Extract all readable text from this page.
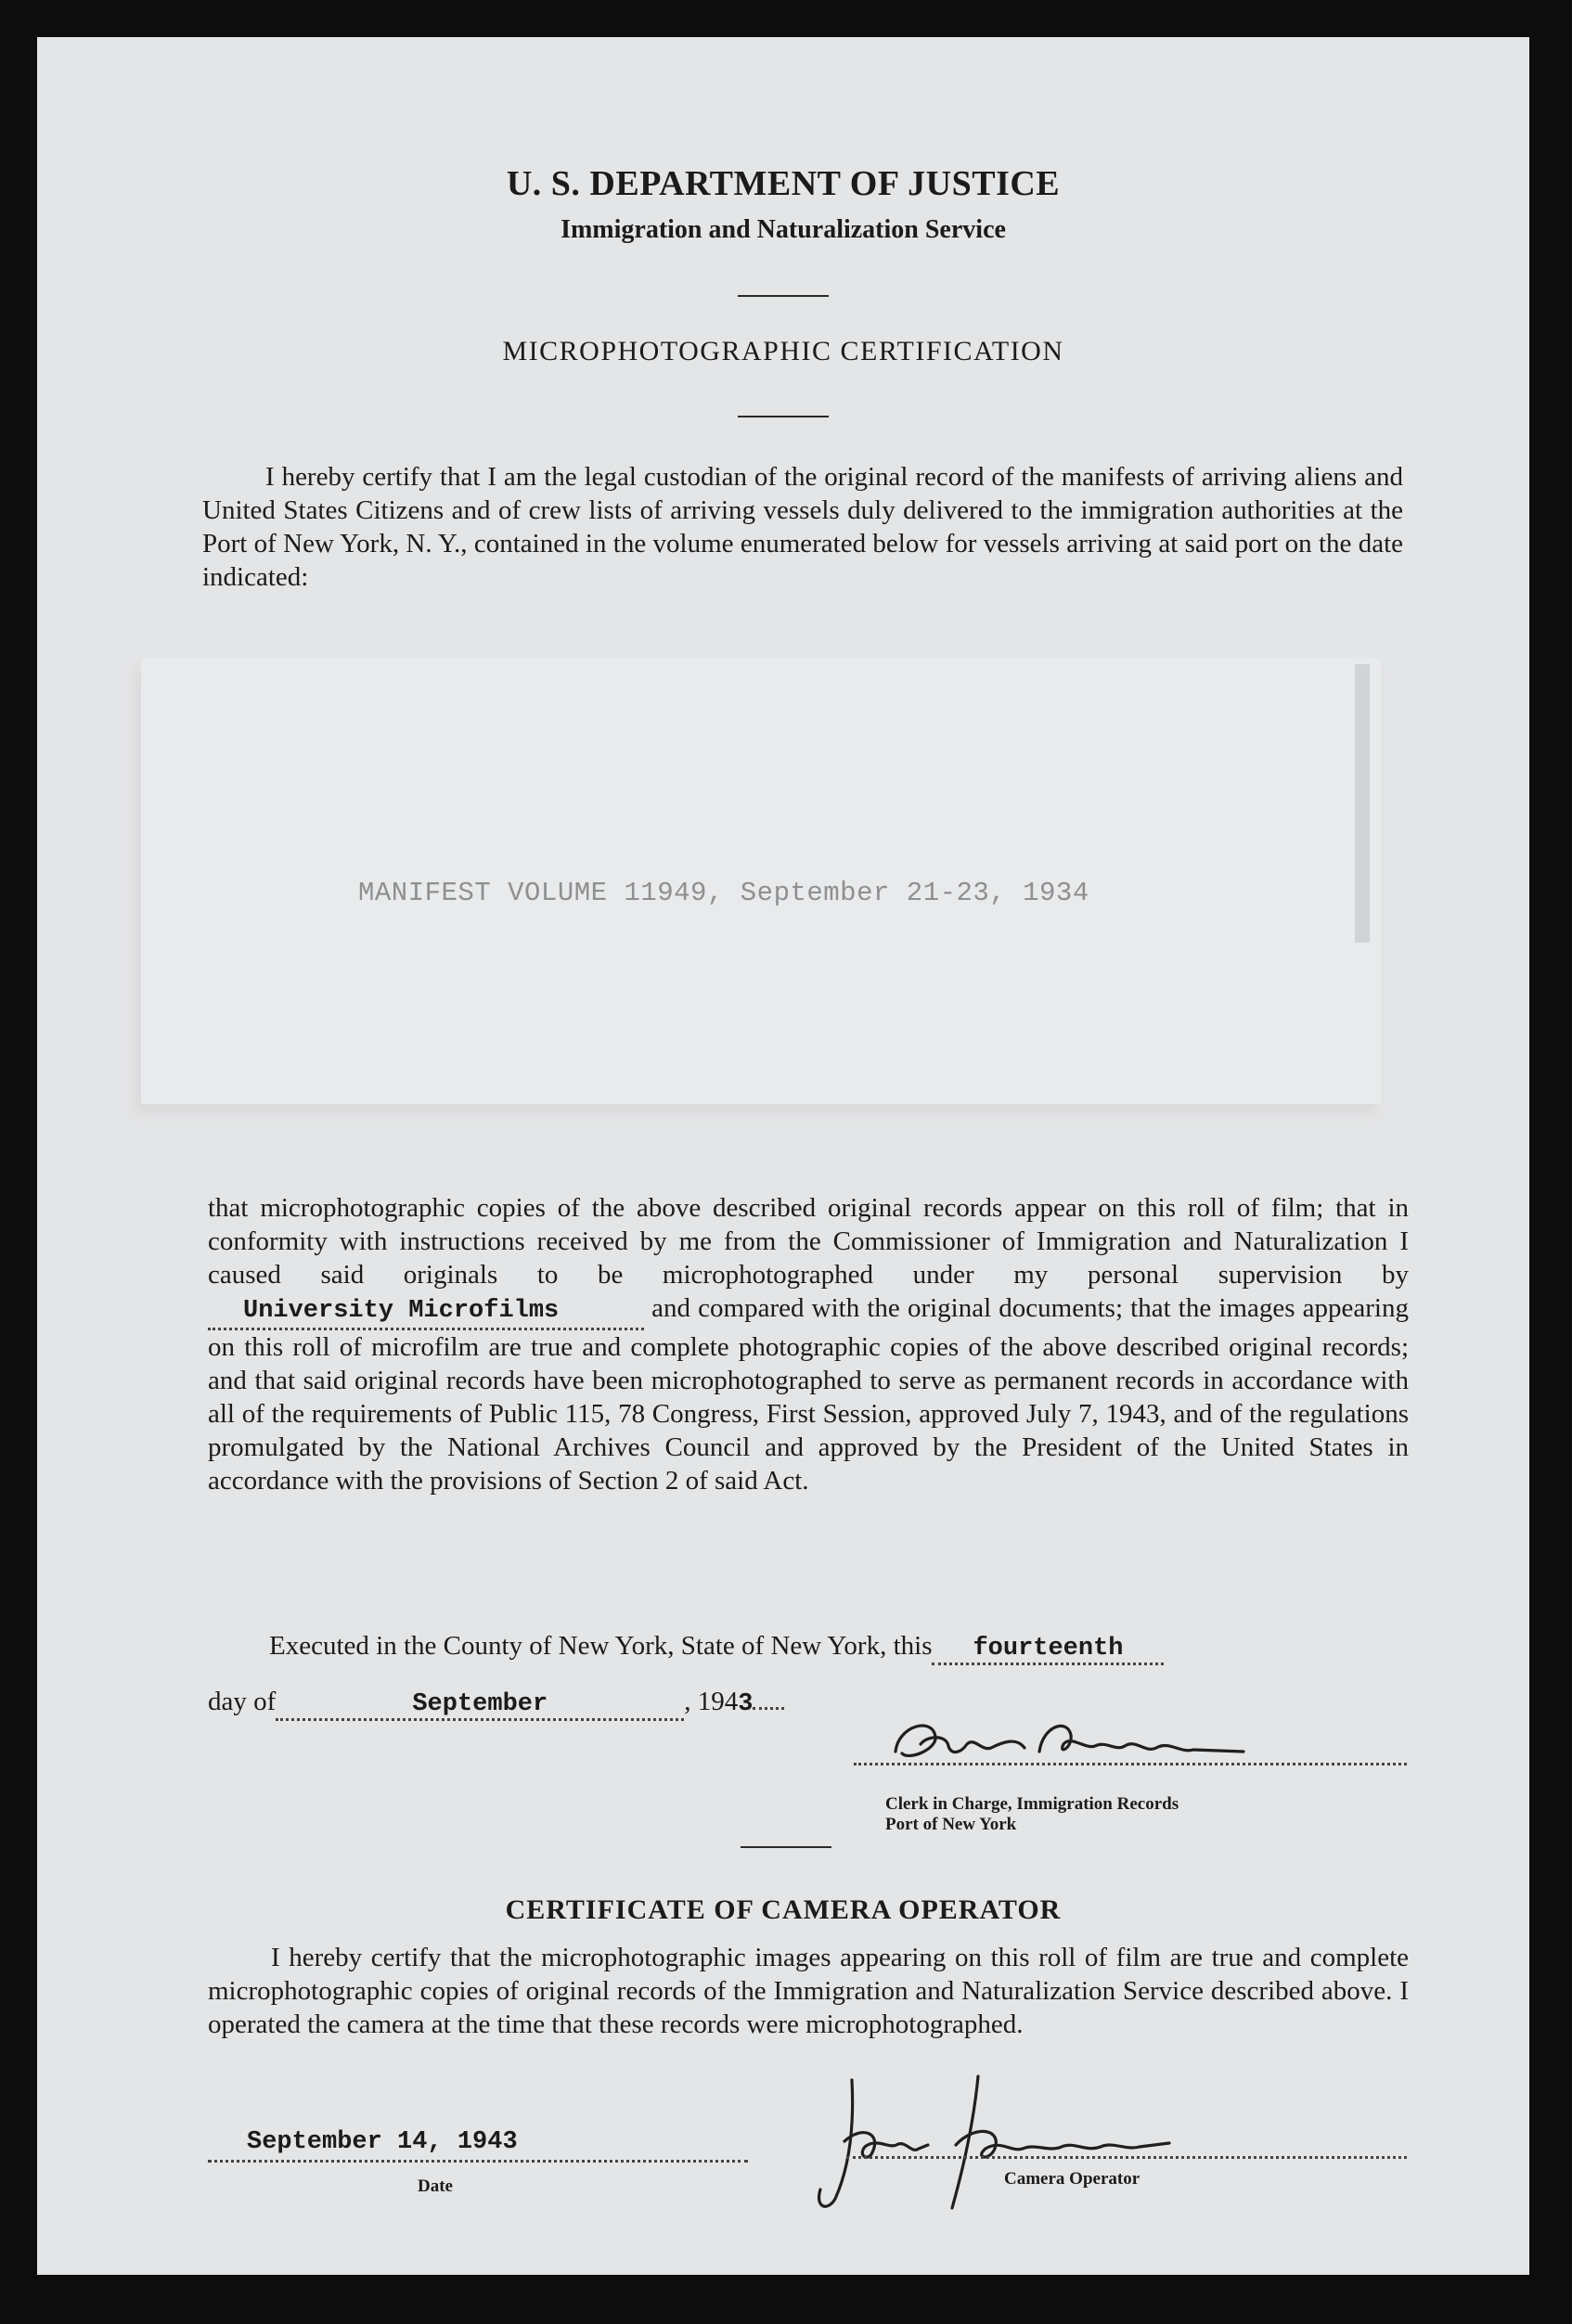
U. S. DEPARTMENT OF JUSTICE
Immigration and Naturalization Service
MICROPHOTOGRAPHIC CERTIFICATION
I hereby certify that I am the legal custodian of the original record of the manifests of arriving aliens and United States Citizens and of crew lists of arriving vessels duly delivered to the immigration authorities at the Port of New York, N. Y., contained in the volume enumerated below for vessels arriving at said port on the date indicated:
MANIFEST VOLUME 11949, September 21-23, 1934
that microphotographic copies of the above described original records appear on this roll of film; that in conformity with instructions received by me from the Commissioner of Immigration and Naturalization I caused said originals to be microphotographed under my personal supervision by University Microfilms	and compared with the original documents; that the images appearing on this roll of microfilm are true and complete photographic copies of the above described original records; and that said original records have been microphotographed to serve as permanent records in accordance with all of the requirements of Public 115, 78 Congress, First Session, approved July 7, 1943, and of the regulations promulgated by the National Archives Council and approved by the President of the United States in accordance with the provisions of Section 2 of said Act.
Executed in the County of New York, State of New York, this fourteenth
day of	September	, 1943
Clerk in Charge, Immigration Records
Port of New York
CERTIFICATE OF CAMERA OPERATOR
I hereby certify that the microphotographic images appearing on this roll of film are true and complete microphotographic copies of original records of the Immigration and Naturalization Service described above. I operated the camera at the time that these records were microphotographed.
September 14, 1943
Date	Camera Operator
